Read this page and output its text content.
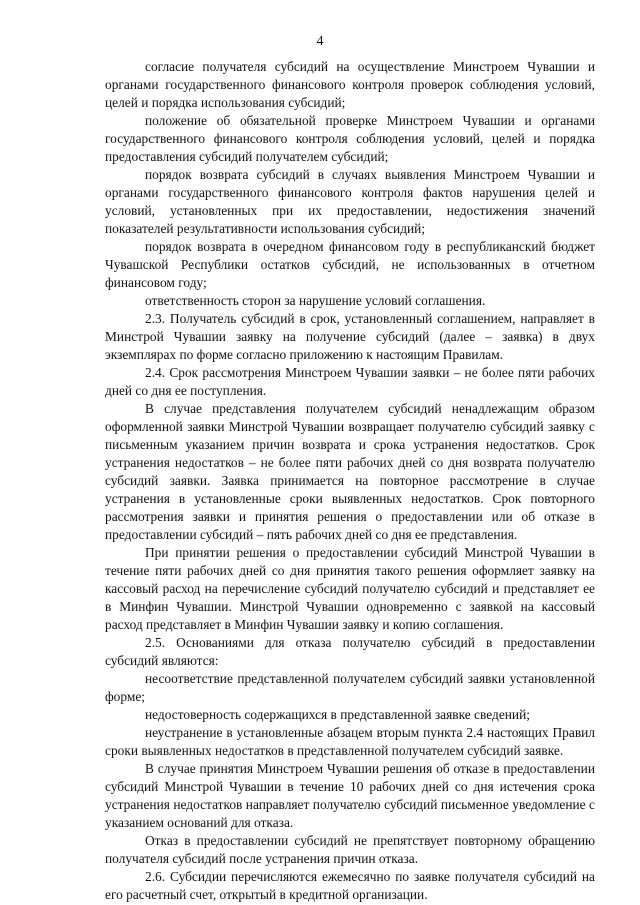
4

согласие получателя субсидий на осуществление Минстроем Чувашии и органами государственного финансового контроля проверок соблюдения условий, целей и порядка использования субсидий;

положение об обязательной проверке Минстроем Чувашии и органами государственного финансового контроля соблюдения условий, целей и порядка предоставления субсидий получателем субсидий;

порядок возврата субсидий в случаях выявления Минстроем Чувашии и органами государственного финансового контроля фактов нарушения целей и условий, установленных при их предоставлении, недостижения значений показателей результативности использования субсидий;

порядок возврата в очередном финансовом году в республиканский бюджет Чувашской Республики остатков субсидий, не использованных в отчетном финансовом году;

ответственность сторон за нарушение условий соглашения.

2.3. Получатель субсидий в срок, установленный соглашением, направляет в Минстрой Чувашии заявку на получение субсидий (далее – заявка) в двух экземплярах по форме согласно приложению к настоящим Правилам.

2.4. Срок рассмотрения Минстроем Чувашии заявки – не более пяти рабочих дней со дня ее поступления.

В случае представления получателем субсидий ненадлежащим образом оформленной заявки Минстрой Чувашии возвращает получателю субсидий заявку с письменным указанием причин возврата и срока устранения недостатков. Срок устранения недостатков – не более пяти рабочих дней со дня возврата получателю субсидий заявки. Заявка принимается на повторное рассмотрение в случае устранения в установленные сроки выявленных недостатков. Срок повторного рассмотрения заявки и принятия решения о предоставлении или об отказе в предоставлении субсидий – пять рабочих дней со дня ее представления.

При принятии решения о предоставлении субсидий Минстрой Чувашии в течение пяти рабочих дней со дня принятия такого решения оформляет заявку на кассовый расход на перечисление субсидий получателю субсидий и представляет ее в Минфин Чувашии. Минстрой Чувашии одновременно с заявкой на кассовый расход представляет в Минфин Чувашии заявку и копию соглашения.

2.5. Основаниями для отказа получателю субсидий в предоставлении субсидий являются:

несоответствие представленной получателем субсидий заявки установленной форме;

недостоверность содержащихся в представленной заявке сведений;

неустранение в установленные абзацем вторым пункта 2.4 настоящих Правил сроки выявленных недостатков в представленной получателем субсидий заявке.

В случае принятия Минстроем Чувашии решения об отказе в предоставлении субсидий Минстрой Чувашии в течение 10 рабочих дней со дня истечения срока устранения недостатков направляет получателю субсидий письменное уведомление с указанием оснований для отказа.

Отказ в предоставлении субсидий не препятствует повторному обращению получателя субсидий после устранения причин отказа.

2.6. Субсидии перечисляются ежемесячно по заявке получателя субсидий на его расчетный счет, открытый в кредитной организации.
